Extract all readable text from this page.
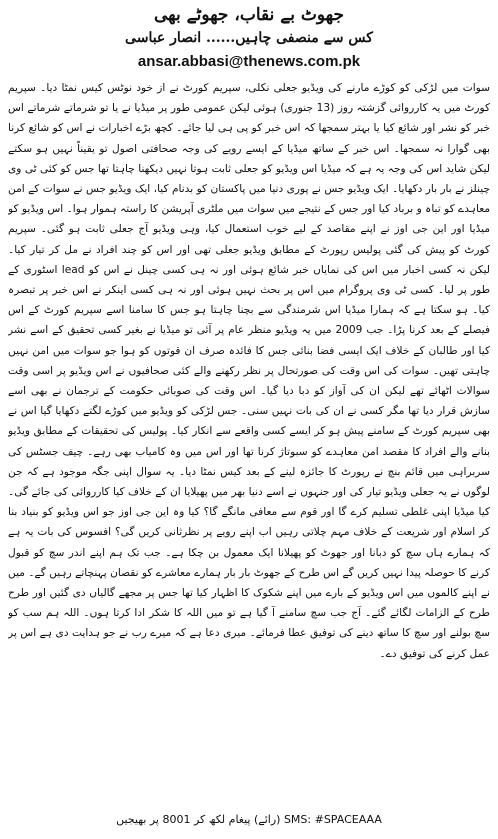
جھوٹ بے نقاب، جھوٹے بھی
کس سے منصفی چاہیں...... انصار عباسی
ansar.abbasi@thenews.com.pk

سوات میں لڑکی کو کوڑے مارنے کی ویڈیو جعلی نکلی، سپریم کورٹ نے از خود نوٹس کیس نمٹا دیا۔ سپریم کورٹ میں یہ کارروائی گزشتہ روز (13 جنوری) ہوئی لیکن عمومی طور پر میڈیا نے یا تو شرماتے شرماتے اس خبر کو نشر اور شائع کیا یا بہتر سمجھا کہ اس خبر کو پی ہی لیا جائے۔ کچھ بڑے اخبارات نے اس کو شائع کرنا بھی گوارا نہ سمجھا۔ اس خبر کے ساتھ میڈیا کے ایسے رویے کی وجہ صحافتی اصول تو یقیناً نہیں ہو سکتے لیکن شاید اس کی وجہ یہ ہے کہ میڈیا اس ویڈیو کو جعلی ثابت ہوتا نہیں دیکھنا چاہتا تھا جس کو کئی ٹی وی چینلز نے بار بار دکھایا۔ ایک ویڈیو جس نے پوری دنیا میں پاکستان کو بدنام کیا، ایک ویڈیو جس نے سوات کے امن معاہدے کو تباہ و برباد کیا اور جس کے نتیجے میں سوات میں ملٹری آپریشن کا راستہ ہموار ہوا۔ اس ویڈیو کو میڈیا اور این جی اوز نے اپنے مقاصد کے لیے خوب استعمال کیا، وہی ویڈیو آج جعلی ثابت ہو گئی۔ سپریم کورٹ کو پیش کی گئی پولیس رپورٹ کے مطابق ویڈیو جعلی تھی اور اس کو چند افراد نے مل کر تیار کیا۔ لیکن نہ کسی اخبار میں اس کی نمایاں خبر شائع ہوئی اور نہ ہی کسی چینل نے اس کو lead اسٹوری کے طور پر لیا۔ کسی ٹی وی پروگرام میں اس پر بحث نہیں ہوئی اور نہ ہی کسی اینکر نے اس خبر پر تبصرہ کیا۔ ہو سکتا ہے کہ ہمارا میڈیا اس شرمندگی سے بچنا چاہتا ہو جس کا سامنا اسے سپریم کورٹ کے اس فیصلے کے بعد کرنا پڑا۔ جب 2009 میں یہ ویڈیو منظر عام پر آئی تو میڈیا نے بغیر کسی تحقیق کے اسے نشر کیا اور طالبان کے خلاف ایک ایسی فضا بنائی جس کا فائدہ صرف ان قوتوں کو ہوا جو سوات میں امن نہیں چاہتی تھیں۔ سوات کی اس وقت کی صورتحال پر نظر رکھنے والے کئی صحافیوں نے اس ویڈیو پر اسی وقت سوالات اٹھائے تھے لیکن ان کی آواز کو دبا دیا گیا۔ اس وقت کی صوبائی حکومت کے ترجمان نے بھی اسے سازش قرار دیا تھا مگر کسی نے ان کی بات نہیں سنی۔ جس لڑکی کو ویڈیو میں کوڑے لگتے دکھایا گیا اس نے بھی سپریم کورٹ کے سامنے پیش ہو کر ایسے کسی واقعے سے انکار کیا۔ پولیس کی تحقیقات کے مطابق ویڈیو بنانے والے افراد کا مقصد امن معاہدے کو سبوتاژ کرنا تھا اور اس میں وہ کامیاب بھی رہے۔ چیف جسٹس کی سربراہی میں قائم بنچ نے رپورٹ کا جائزہ لینے کے بعد کیس نمٹا دیا۔ یہ سوال اپنی جگہ موجود ہے کہ جن لوگوں نے یہ جعلی ویڈیو تیار کی اور جنہوں نے اسے دنیا بھر میں پھیلایا ان کے خلاف کیا کارروائی کی جائے گی۔ کیا میڈیا اپنی غلطی تسلیم کرے گا اور قوم سے معافی مانگے گا؟ کیا وہ این جی اوز جو اس ویڈیو کو بنیاد بنا کر اسلام اور شریعت کے خلاف مہم چلاتی رہیں اب اپنے رویے پر نظرثانی کریں گی؟ افسوس کی بات یہ ہے کہ ہمارے ہاں سچ کو دبانا اور جھوٹ کو پھیلانا ایک معمول بن چکا ہے۔ جب تک ہم اپنے اندر سچ کو قبول کرنے کا حوصلہ پیدا نہیں کریں گے اس طرح کے جھوٹ بار بار ہمارے معاشرے کو نقصان پہنچاتے رہیں گے۔ میں نے اپنے کالموں میں اس ویڈیو کے بارے میں اپنے شکوک کا اظہار کیا تھا جس پر مجھے گالیاں دی گئیں اور طرح طرح کے الزامات لگائے گئے۔ آج جب سچ سامنے آ گیا ہے تو میں اللہ کا شکر ادا کرتا ہوں۔ اللہ ہم سب کو سچ بولنے اور سچ کا ساتھ دینے کی توفیق عطا فرمائے۔ میری دعا ہے کہ میرے رب نے جو ہدایت دی ہے اس پر عمل کرنے کی توفیق دے۔

SMS: #SPACEAAA (رائے) پیغام لکھ کر 8001 پر بھیجیں
